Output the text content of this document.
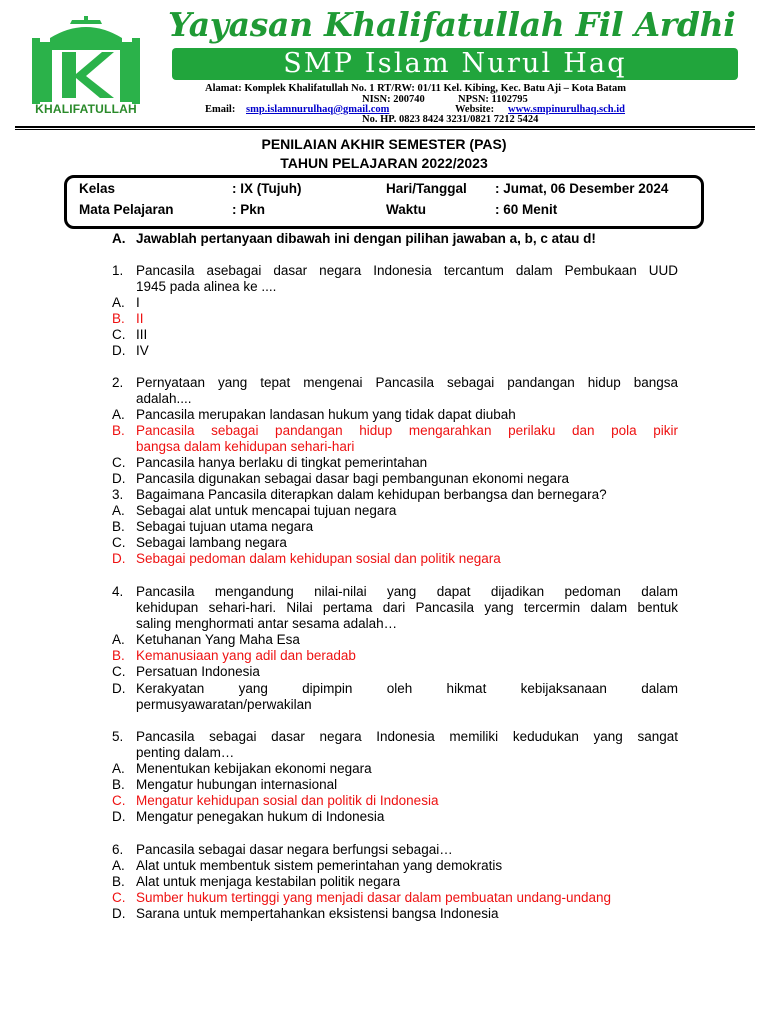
KHALIFATULLAH
Yayasan Khalifatullah Fil Ardhi
SMP Islam Nurul Haq
Alamat: Komplek Khalifatullah No. 1 RT/RW: 01/11 Kel. Kibing, Kec. Batu Aji – Kota Batam
NISN: 200740	NPSN: 1102795
Email: smp.islamnurulhaq@gmail.com	Website: www.smpinurulhaq.sch.id
No. HP. 0823 8424 3231/0821 7212 5424
PENILAIAN AKHIR SEMESTER (PAS)
TAHUN PELAJARAN 2022/2023
Kelas	: IX (Tujuh)	Hari/Tanggal : Jumat, 06 Desember 2024
Mata Pelajaran	: Pkn	Waktu	: 60 Menit
A. Jawablah pertanyaan dibawah ini dengan pilihan jawaban a, b, c atau d!
1. Pancasila asebagai dasar negara Indonesia tercantum dalam Pembukaan UUD
1945 pada alinea ke ....
A. I
B. II
C. III
D. IV
2. Pernyataan yang tepat mengenai Pancasila sebagai pandangan hidup bangsa
adalah....
A. Pancasila merupakan landasan hukum yang tidak dapat diubah
B. Pancasila sebagai pandangan hidup mengarahkan perilaku dan pola pikir
bangsa dalam kehidupan sehari-hari
C. Pancasila hanya berlaku di tingkat pemerintahan
D. Pancasila digunakan sebagai dasar bagi pembangunan ekonomi negara
3. Bagaimana Pancasila diterapkan dalam kehidupan berbangsa dan bernegara?
A. Sebagai alat untuk mencapai tujuan negara
B. Sebagai tujuan utama negara
C. Sebagai lambang negara
D. Sebagai pedoman dalam kehidupan sosial dan politik negara
4. Pancasila mengandung nilai-nilai yang dapat dijadikan pedoman dalam
kehidupan sehari-hari. Nilai pertama dari Pancasila yang tercermin dalam bentuk
saling menghormati antar sesama adalah…
A. Ketuhanan Yang Maha Esa
B. Kemanusiaan yang adil dan beradab
C. Persatuan Indonesia
D. Kerakyatan yang dipimpin oleh hikmat kebijaksanaan dalam
permusyawaratan/perwakilan
5. Pancasila sebagai dasar negara Indonesia memiliki kedudukan yang sangat
penting dalam…
A. Menentukan kebijakan ekonomi negara
B. Mengatur hubungan internasional
C. Mengatur kehidupan sosial dan politik di Indonesia
D. Mengatur penegakan hukum di Indonesia
6. Pancasila sebagai dasar negara berfungsi sebagai…
A. Alat untuk membentuk sistem pemerintahan yang demokratis
B. Alat untuk menjaga kestabilan politik negara
C. Sumber hukum tertinggi yang menjadi dasar dalam pembuatan undang-undang
D. Sarana untuk mempertahankan eksistensi bangsa Indonesia
